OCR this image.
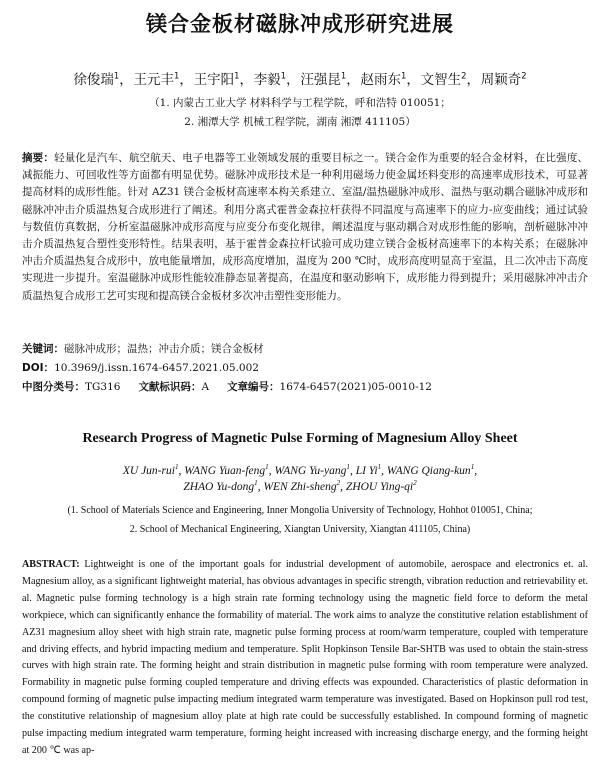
镁合金板材磁脉冲成形研究进展
徐俊瑞$^1$， 王元丰$^1$， 王宇阳$^1$， 李毅$^1$， 汪强昆$^1$， 赵雨东$^1$， 文智生$^2$， 周颖奇$^2$
（1. 内蒙古工业大学 材料科学与工程学院，呼和浩特 010051；
2. 湘潭大学 机械工程学院，湖南 湘潭 411105）

摘要：轻量化是汽车、航空航天、电子电器等工业领域发展的重要目标之一。镁合金作为重要的轻合金材料，在比强度、减振能力、可回收性等方面都有明显优势。磁脉冲成形技术是一种利用磁场力使金属坯料变形的高速率成形技术，可显著提高材料的成形性能。针对 AZ31 镁合金板材高速率本构关系建立、室温/温热磁脉冲成形、温热与驱动耦合磁脉冲成形和磁脉冲冲击介质温热复合成形进行了阐述。利用分离式霍普金森拉杆获得不同温度与高速率下的应力-应变曲线；通过试验与数值仿真数据，分析室温磁脉冲成形高度与应变分布变化规律，阐述温度与驱动耦合对成形性能的影响，剖析磁脉冲冲击介质温热复合塑性变形特性。结果表明，基于霍普金森拉杆试验可成功建立镁合金板材高速率下的本构关系；在磁脉冲冲击介质温热复合成形中，放电能量增加，成形高度增加，温度为 200 ℃时，成形高度明显高于室温，且二次冲击下高度实现进一步提升。室温磁脉冲成形性能较准静态显著提高，在温度和驱动影响下，成形能力得到提升；采用磁脉冲冲击介质温热复合成形工艺可实现和提高镁合金板材多次冲击塑性变形能力。

关键词：磁脉冲成形；温热；冲击介质；镁合金板材
DOI：10.3969/j.issn.1674-6457.2021.05.002
中图分类号：TG316 文献标识码：A 文章编号：1674-6457(2021)05-0010-12
Research Progress of Magnetic Pulse Forming of Magnesium Alloy Sheet
XU Jun-rui$^1$, WANG Yuan-feng$^1$, WANG Yu-yang$^1$, LI Yi$^1$, WANG Qiang-kun$^1$,
ZHAO Yu-dong$^1$, WEN Zhi-sheng$^2$, ZHOU Ying-$qi^2$
(1. School of Materials Science and Engineering, Inner Mongolia University of Technology, Hohhot 010051, China;
2. School of Mechanical Engineering, Xiangtan University, Xiangtan 411105, China)

ABSTRACT: Lightweight is one of the important goals for industrial development of automobile, aerospace and electronics et. al. Magnesium alloy, as a significant lightweight material, has obvious advantages in specific strength, vibration reduction and retrievability et. al. Magnetic pulse forming technology is a high strain rate forming technology using the magnetic field force to deform the metal workpiece, which can significantly enhance the formability of material. The work aims to analyze the constitutive relation establishment of AZ31 magnesium alloy sheet with high strain rate, magnetic pulse forming process at room/warm temperature, coupled with temperature and driving effects, and hybrid impacting medium and temperature. Split Hopkinson Tensile Bar-SHTB was used to obtain the stain-stress curves with high strain rate. The forming height and strain distribution in magnetic pulse forming with room temperature were analyzed. Formability in magnetic pulse forming coupled temperature and driving effects was expounded. Characteristics of plastic deformation in compound forming of magnetic pulse impacting medium integrated warm temperature was investigated. Based on Hopkinson pull rod test, the constitutive relationship of magnesium alloy plate at high rate could be successfully established. In compound forming of magnetic pulse impacting medium integrated warm temperature, forming height increased with increasing discharge energy, and the forming height at 200 ℃ was ap-
